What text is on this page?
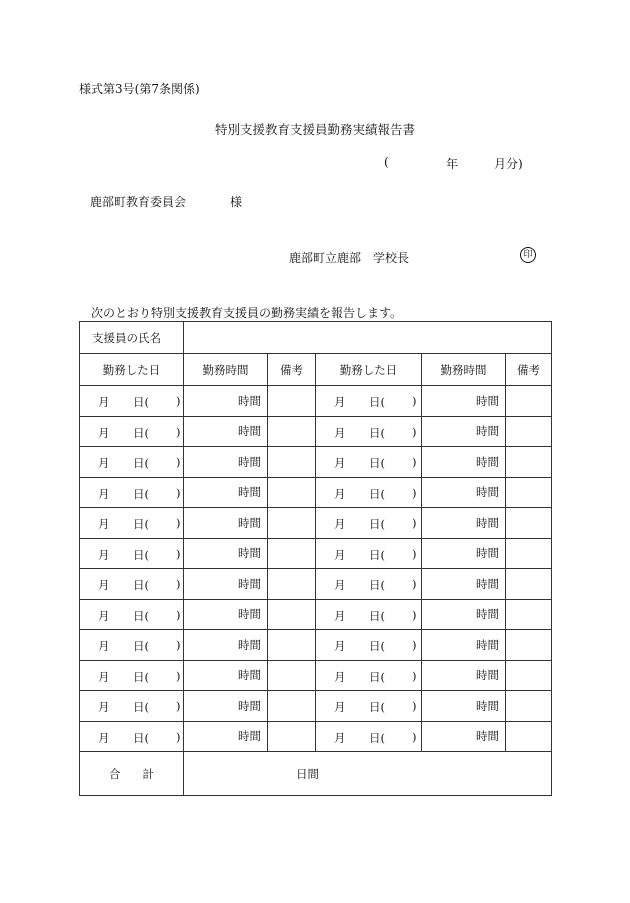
様式第3号(第7条関係)
特別支援教育支援員勤務実績報告書
(	年	月分)
鹿部町教育委員会	様
鹿部町立鹿部　学校長	印
次のとおり特別支援教育支援員の勤務実績を報告します。
支援員の氏名					
勤務した日	勤務時間	備考	勤務した日	勤務時間	備考

月 日( )	時間		月 日( )	時間	

月 日( )	時間		月 日( )	時間	

月 日( )	時間		月 日( )	時間	

月 日( )	時間		月 日( )	時間	

月 日( )	時間		月 日( )	時間	

月 日( )	時間		月 日( )	時間	

月 日( )	時間		月 日( )	時間	

月 日( )	時間		月 日( )	時間	

月 日( )	時間		月 日( )	時間	

月 日( )	時間		月 日( )	時間	

月 日( )	時間		月 日( )	時間	

月 日( )	時間		月 日( )	時間	
合 計	日間				
